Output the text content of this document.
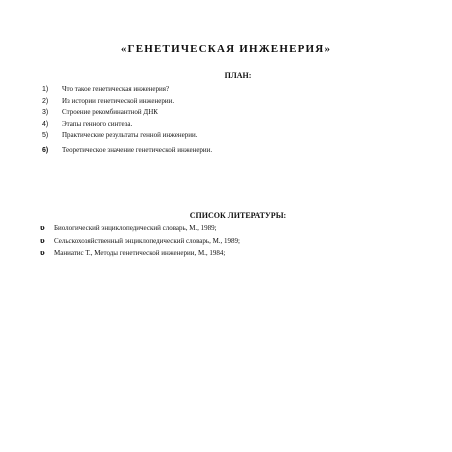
«ГЕНЕТИЧЕСКАЯ ИНЖЕНЕРИЯ»
ПЛАН:
1) Что такое генетическая инженерия?
2) Из истории генетической инженерии.
3) Строение рекомбинантной ДНК
4) Этапы генного синтеза.
5) Практические результаты генной инженерии.
6) Теоретическое значение генетической инженерии.
СПИСОК ЛИТЕРАТУРЫ:
ʋ Биологический энциклопедический словарь, М., 1989;
ʋ Сельскохозяйственный энциклопедический словарь, М., 1989;
ʋ Маниатис Т., Методы генетической инженерии, М., 1984;
